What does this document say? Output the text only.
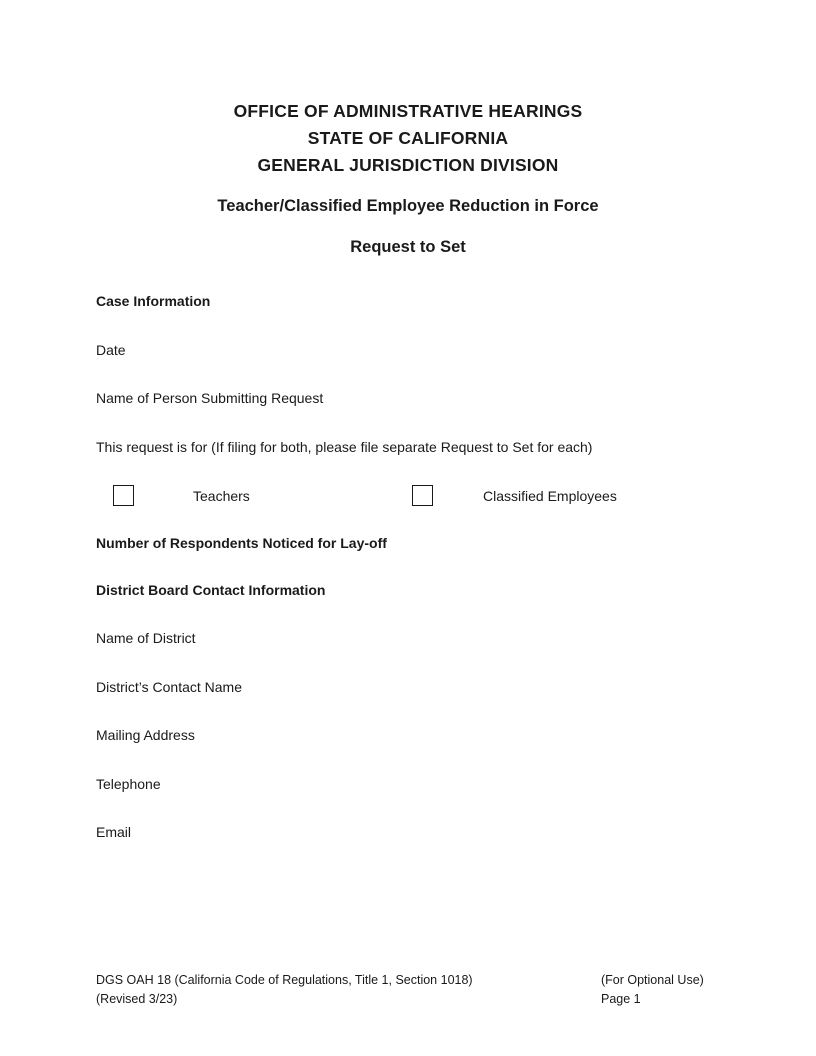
OFFICE OF ADMINISTRATIVE HEARINGS
STATE OF CALIFORNIA
GENERAL JURISDICTION DIVISION
Teacher/Classified Employee Reduction in Force
Request to Set
Case Information
Date
Name of Person Submitting Request
This request is for (If filing for both, please file separate Request to Set for each)
Teachers	Classified Employees
Number of Respondents Noticed for Lay-off
District Board Contact Information
Name of District
District’s Contact Name
Mailing Address
Telephone
Email
DGS OAH 18 (California Code of Regulations, Title 1, Section 1018)
(Revised 3/23)
(For Optional Use)
Page 1
